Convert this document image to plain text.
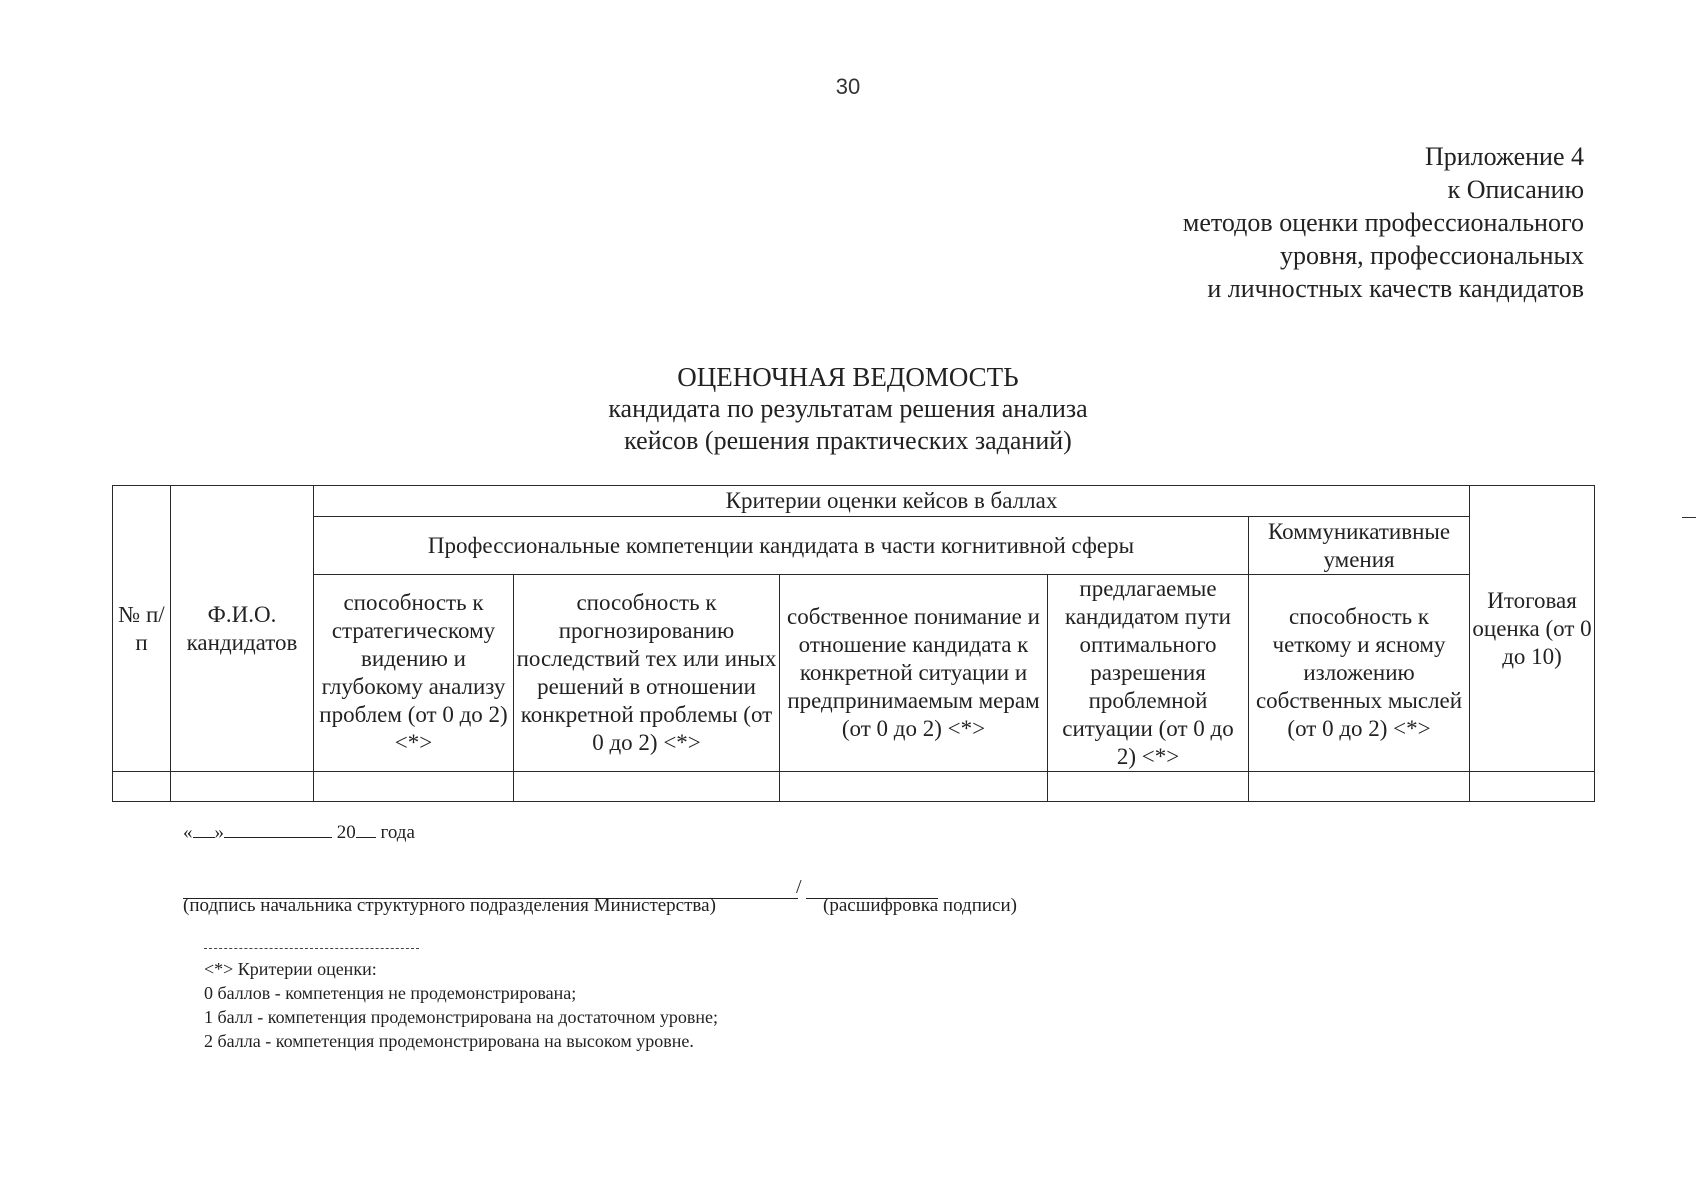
30
Приложение 4
к Описанию
методов оценки профессионального
уровня, профессиональных
и личностных качеств кандидатов
ОЦЕНОЧНАЯ ВЕДОМОСТЬ
кандидата по результатам решения анализа
кейсов (решения практических заданий)
№ п/п	Ф.И.О. кандидатов	Критерии оценки кейсов в баллах					Итоговая оценка (от 0 до 10)
		Профессиональные компетенции кандидата в части когнитивной сферы				Коммуникативные умения	
		способность к стратегическому видению и глубокому анализу проблем (от 0 до 2) <*>	способность к прогнозированию последствий тех или иных решений в отношении конкретной проблемы (от 0 до 2) <*>	собственное понимание и отношение кандидата к конкретной ситуации и предпринимаемым мерам (от 0 до 2) <*>	предлагаемые кандидатом пути оптимального разрешения проблемной ситуации (от 0 до 2) <*>	способность к четкому и ясному изложению собственных мыслей (от 0 до 2) <*>	

« »	20 года
/
(подпись начальника структурного подразделения Министерства)	(расшифровка подписи)
<*> Критерии оценки:
0 баллов - компетенция не продемонстрирована;
1 балл - компетенция продемонстрирована на достаточном уровне;
2 балла - компетенция продемонстрирована на высоком уровне.
